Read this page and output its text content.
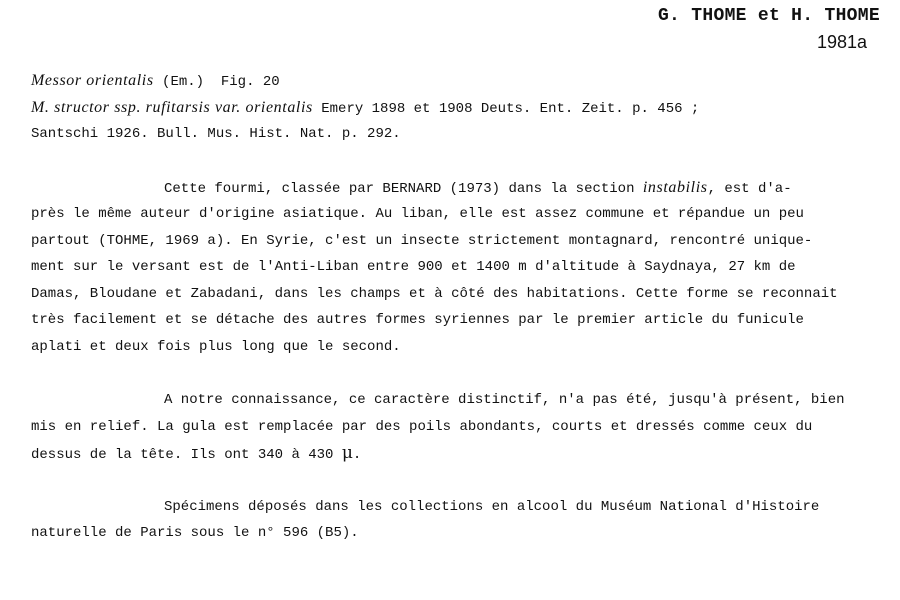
G. THOME et H. THOME
1981a
Messor orientalis (Em.)  Fig. 20
M. structor ssp. rufitarsis var. orientalis Emery 1898 et 1908 Deuts. Ent. Zeit. p. 456 ;
Santschi 1926. Bull. Mus. Hist. Nat. p. 292.
Cette fourmi, classée par BERNARD (1973) dans la section instabilis, est d'a-
près le même auteur d'origine asiatique. Au liban, elle est assez commune et répandue un peu
partout (TOHME, 1969 a). En Syrie, c'est un insecte strictement montagnard, rencontré unique-
ment sur le versant est de l'Anti-Liban entre 900 et 1400 m d'altitude à Saydnaya, 27 km de
Damas, Bloudane et Zabadani, dans les champs et à côté des habitations. Cette forme se reconnait
très facilement et se détache des autres formes syriennes par le premier article du funicule
aplati et deux fois plus long que le second.
A notre connaissance, ce caractère distinctif, n'a pas été, jusqu'à présent, bien
mis en relief. La gula est remplacée par des poils abondants, courts et dressés comme ceux du
dessus de la tête. Ils ont 340 à 430 μ.
Spécimens déposés dans les collections en alcool du Muséum National d'Histoire
naturelle de Paris sous le n° 596 (B5).
